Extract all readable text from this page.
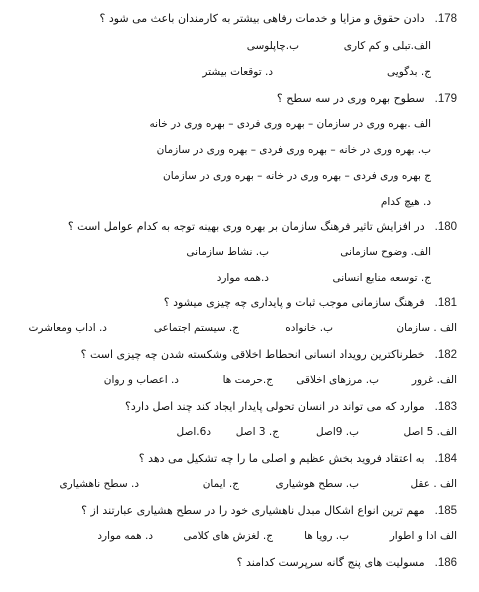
178.دادن حقوق و مزایا و خدمات رفاهی بیشتر به کارمندان باعث می شود ؟
الف.تبلی و کم کاری
ب.چاپلوسی
ج. بدگویی
د. توقعات بیشتر
179.سطوح بهره وری در سه سطح ؟
الف .بهره وری در سازمان – بهره وری فردی – بهره وری در خانه
ب. بهره وری در خانه – بهره وری فردی – بهره وری در سازمان
ج بهره وری فردی – بهره وری در خانه – بهره وری در سازمان
د. هیچ کدام
180.در افزایش تاثیر فرهنگ سازمان بر بهره وری بهینه توجه به کدام عوامل است ؟
الف. وضوح سازمانی
ب. نشاط سازمانی
ج. توسعه منابع انسانی
د.همه موارد
181.فرهنگ سازمانی موجب ثبات و پایداری چه چیزی میشود ؟
الف . سازمان
ب. خانواده
ج. سیستم اجتماعی
د. اداب ومعاشرت
182.خطرناکترین رویداد انسانی انحطاط اخلاقی وشکسته شدن چه چیزی است ؟
الف. غرور
ب. مرزهای اخلاقی
ج.حرمت ها
د. اعصاب و روان
183.موارد که می تواند در انسان تحولی پایدار ایجاد کند چند اصل دارد؟
الف. 5 اصل
ب. 9اصل
ج. 3 اصل
د6.اصل
184.به اعتقاد فروید بخش عظیم و اصلی ما را چه تشکیل می دهد ؟
الف . عقل
ب. سطح هوشیاری
ج. ایمان
د. سطح ناهشیاری
185.مهم ترین انواع اشکال مبدل ناهشیاری خود را در سطح هشیاری عبارتند از ؟
الف ادا و اطوار
ب. رویا ها
ج. لغزش های کلامی
د. همه موارد
186.مسولیت های پنج گانه سرپرست کدامند ؟
